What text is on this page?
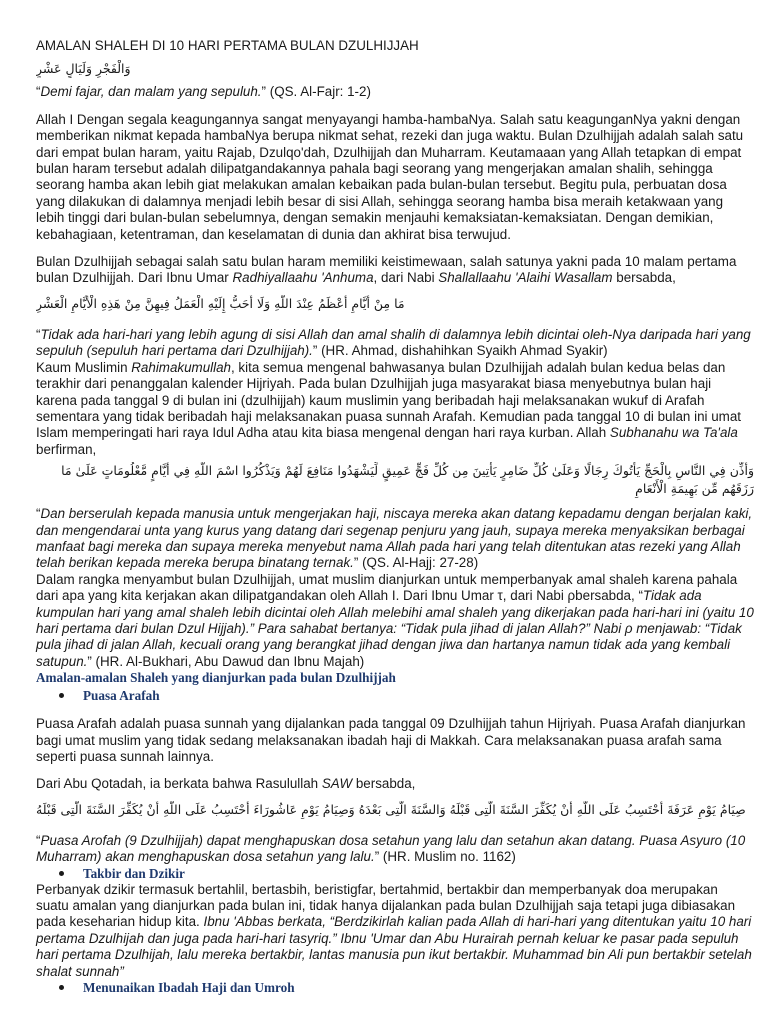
AMALAN SHALEH DI 10 HARI PERTAMA BULAN DZULHIJJAH

وَالْفَجْرِ وَلَيَالٍ عَشْرٍ

“Demi fajar, dan malam yang sepuluh.” (QS. Al-Fajr: 1-2)

Allah I Dengan segala keagungannya sangat menyayangi hamba-hambaNya. Salah satu keagunganNya yakni dengan memberikan nikmat kepada hambaNya berupa nikmat sehat, rezeki dan juga waktu. Bulan Dzulhijjah adalah salah satu dari empat bulan haram, yaitu Rajab, Dzulqo'dah, Dzulhijjah dan Muharram. Keutamaaan yang Allah tetapkan di empat bulan haram tersebut adalah dilipatgandakannya pahala bagi seorang yang mengerjakan amalan shalih, sehingga seorang hamba akan lebih giat melakukan amalan kebaikan pada bulan-bulan tersebut. Begitu pula, perbuatan dosa yang dilakukan di dalamnya menjadi lebih besar di sisi Allah, sehingga seorang hamba bisa meraih ketakwaan yang lebih tinggi dari bulan-bulan sebelumnya, dengan semakin menjauhi kemaksiatan-kemaksiatan. Dengan demikian, kebahagiaan, ketentraman, dan keselamatan di dunia dan akhirat bisa terwujud.

Bulan Dzulhijjah sebagai salah satu bulan haram memiliki keistimewaan, salah satunya yakni pada 10 malam pertama bulan Dzulhijjah. Dari Ibnu Umar Radhiyallaahu 'Anhuma, dari Nabi Shallallaahu 'Alaihi Wasallam bersabda,

مَا مِنْ أَيَّامٍ أَعْظَمُ عِنْدَ اللَّهِ وَلَا أَحَبُّ إِلَيْهِ الْعَمَلُ فِيهِنَّ مِنْ هَذِهِ الْأَيَّامِ الْعَشْرِ

“Tidak ada hari-hari yang lebih agung di sisi Allah dan amal shalih di dalamnya lebih dicintai oleh-Nya daripada hari yang sepuluh (sepuluh hari pertama dari Dzulhijjah).” (HR. Ahmad, dishahihkan Syaikh Ahmad Syakir)

Kaum Muslimin Rahimakumullah, kita semua mengenal bahwasanya bulan Dzulhijjah adalah bulan kedua belas dan terakhir dari penanggalan kalender Hijriyah. Pada bulan Dzulhijjah juga masyarakat biasa menyebutnya bulan haji karena pada tanggal 9 di bulan ini (dzulhijjah) kaum muslimin yang beribadah haji melaksanakan wukuf di Arafah sementara yang tidak beribadah haji melaksanakan puasa sunnah Arafah. Kemudian pada tanggal 10 di bulan ini umat Islam memperingati hari raya Idul Adha atau kita biasa mengenal dengan hari raya kurban. Allah Subhanahu wa Ta'ala berfirman,

وَأَذِّن فِي النَّاسِ بِالْحَجِّ يَأْتُوكَ رِجَالًا وَعَلَىٰ كُلِّ ضَامِرٍ يَأْتِينَ مِن كُلِّ فَجٍّ عَمِيقٍ لِّيَشْهَدُوا مَنَافِعَ لَهُمْ وَيَذْكُرُوا اسْمَ اللَّهِ فِي أَيَّامٍ مَّعْلُومَاتٍ عَلَىٰ مَا رَزَقَهُم مِّن بَهِيمَةِ الْأَنْعَامِ

“Dan berserulah kepada manusia untuk mengerjakan haji, niscaya mereka akan datang kepadamu dengan berjalan kaki, dan mengendarai unta yang kurus yang datang dari segenap penjuru yang jauh, supaya mereka menyaksikan berbagai manfaat bagi mereka dan supaya mereka menyebut nama Allah pada hari yang telah ditentukan atas rezeki yang Allah telah berikan kepada mereka berupa binatang ternak.” (QS. Al-Hajj: 27-28)

Dalam rangka menyambut bulan Dzulhijjah, umat muslim dianjurkan untuk memperbanyak amal shaleh karena pahala dari apa yang kita kerjakan akan dilipatgandakan oleh Allah I. Dari Ibnu Umar τ, dari Nabi ρbersabda, “Tidak ada kumpulan hari yang amal shaleh lebih dicintai oleh Allah melebihi amal shaleh yang dikerjakan pada hari-hari ini (yaitu 10 hari pertama dari bulan Dzul Hijjah).” Para sahabat bertanya: “Tidak pula jihad di jalan Allah?” Nabi ρ menjawab: “Tidak pula jihad di jalan Allah, kecuali orang yang berangkat jihad dengan jiwa dan hartanya namun tidak ada yang kembali satupun.” (HR. Al-Bukhari, Abu Dawud dan Ibnu Majah)

Amalan-amalan Shaleh yang dianjurkan pada bulan Dzulhijjah

Puasa Arafah

Puasa Arafah adalah puasa sunnah yang dijalankan pada tanggal 09 Dzulhijjah tahun Hijriyah. Puasa Arafah dianjurkan bagi umat muslim yang tidak sedang melaksanakan ibadah haji di Makkah. Cara melaksanakan puasa arafah sama seperti puasa sunnah lainnya.

Dari Abu Qotadah, ia berkata bahwa Rasulullah SAW bersabda,

صِيَامُ يَوْمِ عَرَفَةَ أَحْتَسِبُ عَلَى اللَّهِ أَنْ يُكَفِّرَ السَّنَةَ الَّتِى قَبْلَهُ وَالسَّنَةَ الَّتِى بَعْدَهُ وَصِيَامُ يَوْمِ عَاشُورَاءَ أَحْتَسِبُ عَلَى اللَّهِ أَنْ يُكَفِّرَ السَّنَةَ الَّتِى قَبْلَهُ

“Puasa Arofah (9 Dzulhijjah) dapat menghapuskan dosa setahun yang lalu dan setahun akan datang. Puasa Asyuro (10 Muharram) akan menghapuskan dosa setahun yang lalu.” (HR. Muslim no. 1162)

Takbir dan Dzikir

Perbanyak dzikir termasuk bertahlil, bertasbih, beristigfar, bertahmid, bertakbir dan memperbanyak doa merupakan suatu amalan yang dianjurkan pada bulan ini, tidak hanya dijalankan pada bulan Dzulhijjah saja tetapi juga dibiasakan pada keseharian hidup kita. Ibnu 'Abbas berkata, “Berdzikirlah kalian pada Allah di hari-hari yang ditentukan yaitu 10 hari pertama Dzulhijah dan juga pada hari-hari tasyriq.” Ibnu 'Umar dan Abu Hurairah pernah keluar ke pasar pada sepuluh hari pertama Dzulhijah, lalu mereka bertakbir, lantas manusia pun ikut bertakbir. Muhammad bin Ali pun bertakbir setelah shalat sunnah”

Menunaikan Ibadah Haji dan Umroh
